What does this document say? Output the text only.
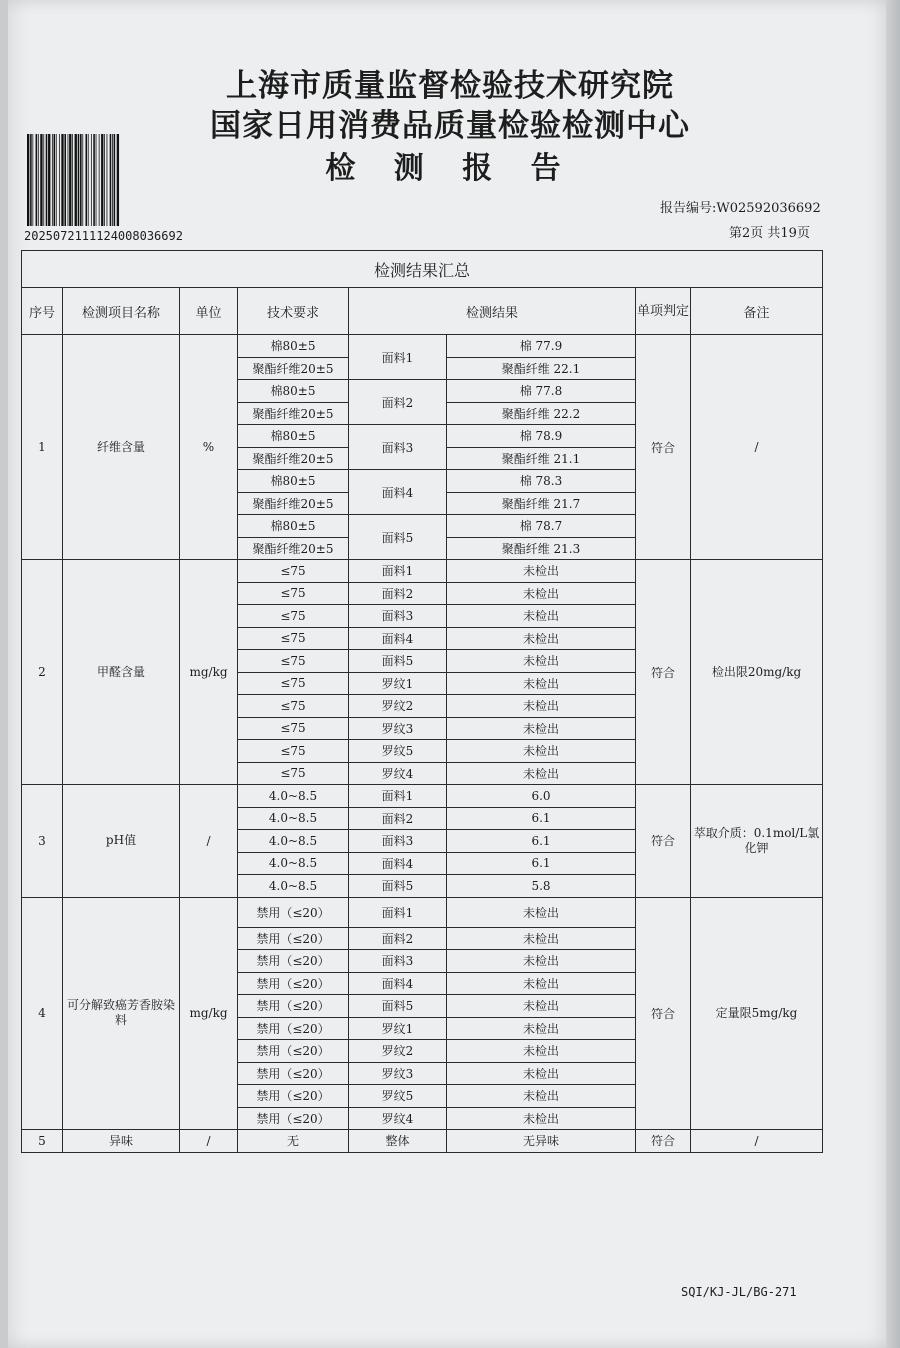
上海市质量监督检验技术研究院
国家日用消费品质量检验检测中心
检 测 报 告
20250721111240080366​92
报告编号:W02592036692
第2页 共19页
检测结果汇总							
序号	检测项目名称	单位	技术要求	检测结果		单项判定	备注
1	纤维含量	%	棉80±5	面料1	棉 77.9	符合	/
			聚酯纤维20±5		聚酯纤维 22.1		
			棉80±5	面料2	棉 77.8		
			聚酯纤维20±5		聚酯纤维 22.2		
			棉80±5	面料3	棉 78.9		
			聚酯纤维20±5		聚酯纤维 21.1		
			棉80±5	面料4	棉 78.3		
			聚酯纤维20±5		聚酯纤维 21.7		
			棉80±5	面料5	棉 78.7		
			聚酯纤维20±5		聚酯纤维 21.3		
2	甲醛含量	mg/kg	≤75	面料1	未检出	符合	检出限20mg/kg
			≤75	面料2	未检出		
			≤75	面料3	未检出		
			≤75	面料4	未检出		
			≤75	面料5	未检出		
			≤75	罗纹1	未检出		
			≤75	罗纹2	未检出		
			≤75	罗纹3	未检出		
			≤75	罗纹5	未检出		
			≤75	罗纹4	未检出		
3	pH值	/	4.0~8.5	面料1	6.0	符合	萃取介质：0.1mol/L氯化钾
			4.0~8.5	面料2	6.1		
			4.0~8.5	面料3	6.1		
			4.0~8.5	面料4	6.1		
			4.0~8.5	面料5	5.8		
4	可分解致癌芳香胺染料	mg/kg	禁用（≤20）	面料1	未检出	符合	定量限5mg/kg
			禁用（≤20）	面料2	未检出		
			禁用（≤20）	面料3	未检出		
			禁用（≤20）	面料4	未检出		
			禁用（≤20）	面料5	未检出		
			禁用（≤20）	罗纹1	未检出		
			禁用（≤20）	罗纹2	未检出		
			禁用（≤20）	罗纹3	未检出		
			禁用（≤20）	罗纹5	未检出		
			禁用（≤20）	罗纹4	未检出		
5	异味	/	无	整体	无异味	符合	/
SQI/KJ-JL/BG-271
